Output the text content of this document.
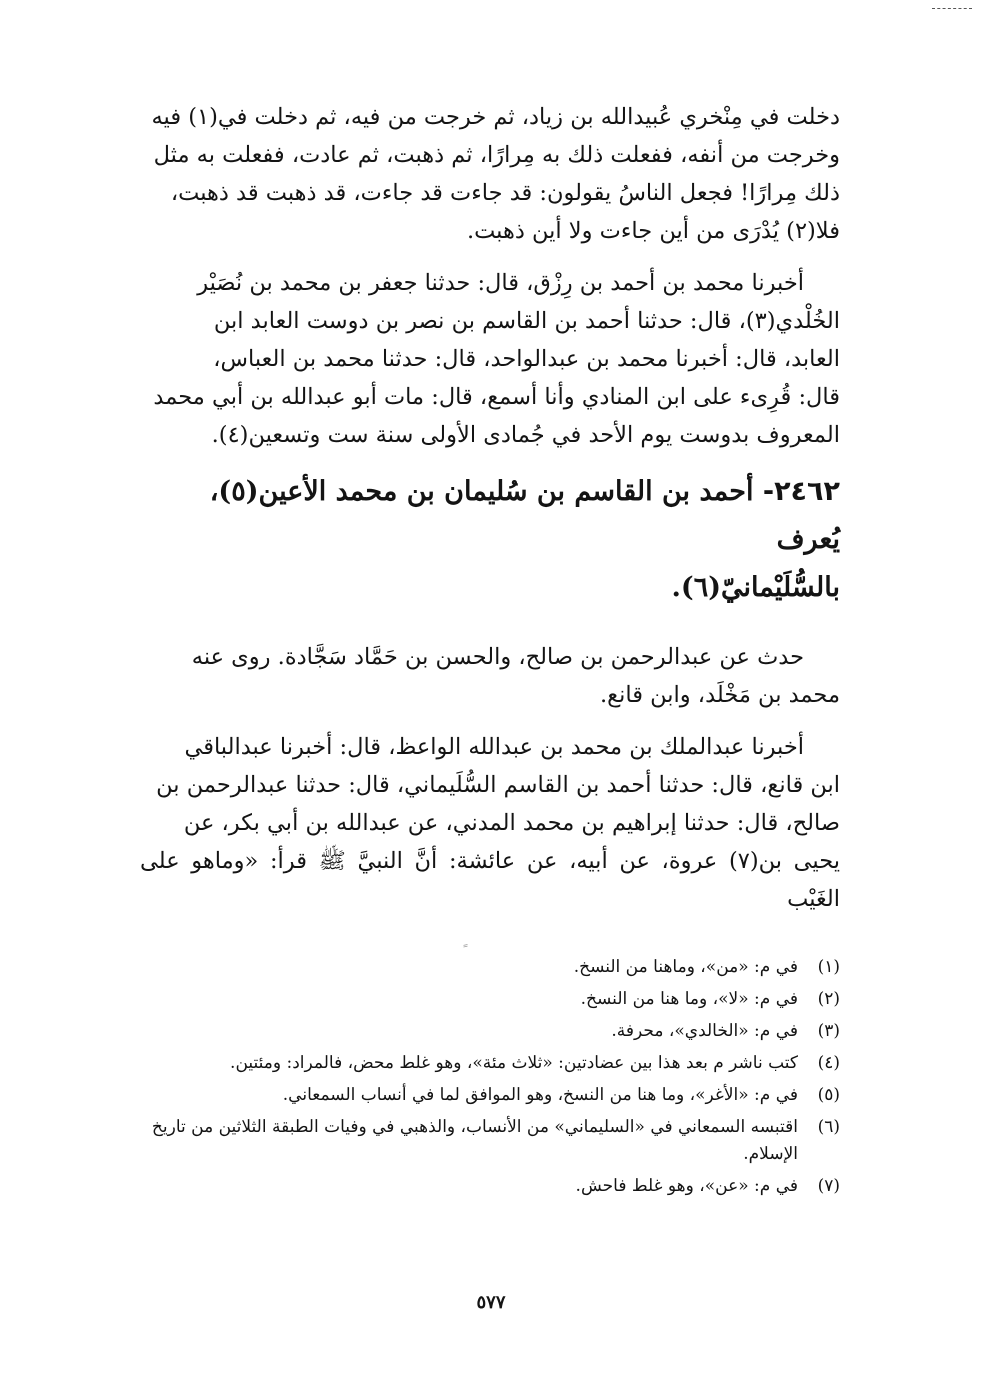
دخلت في مِنْخري عُبيدالله بن زياد، ثم خرجت من فيه، ثم دخلت في(١) فيه

وخرجت من أنفه، ففعلت ذلك به مِرارًا، ثم ذهبت، ثم عادت، ففعلت به مثل

ذلك مِرارًا! فجعل الناسُ يقولون: قد جاءت قد جاءت، قد ذهبت قد ذهبت،

فلا(٢) يُدْرَى من أين جاءت ولا أين ذهبت.

أخبرنا محمد بن أحمد بن رِزْق، قال: حدثنا جعفر بن محمد بن نُصَيْر

الخُلْدي(٣)، قال: حدثنا أحمد بن القاسم بن نصر بن دوست العابد ابن

العابد، قال: أخبرنا محمد بن عبدالواحد، قال: حدثنا محمد بن العباس،

قال: قُرِىء على ابن المنادي وأنا أسمع، قال: مات أبو عبدالله بن أبي محمد

المعروف بدوست يوم الأحد في جُمادى الأولى سنة ست وتسعين(٤).

٢٤٦٢- أحمد بن القاسم بن سُليمان بن محمد الأعين(٥)، يُعرف

بالسُّلَيْمانيّ(٦).

حدث عن عبدالرحمن بن صالح، والحسن بن حَمَّاد سَجَّادة. روى عنه

محمد بن مَخْلَد، وابن قانع.

أخبرنا عبدالملك بن محمد بن عبدالله الواعظ، قال: أخبرنا عبدالباقي

ابن قانع، قال: حدثنا أحمد بن القاسم السُّلَيماني، قال: حدثنا عبدالرحمن بن

صالح، قال: حدثنا إبراهيم بن محمد المدني، عن عبدالله بن أبي بكر، عن

يحيى بن(٧) عروة، عن أبيه، عن عائشة: أنَّ النبيَّ ﷺ قرأ: «وماهو على الغَيْب

(١)
في م: «من»، وماهنا من النسخ.
(٢)
في م: «لا»، وما هنا من النسخ.
(٣)
في م: «الخالدي»، محرفة.
(٤)
كتب ناشر م بعد هذا بين عضادتين: «ثلاث مئة»، وهو غلط محض، فالمراد: ومئتين.
(٥)
في م: «الأغر»، وما هنا من النسخ، وهو الموافق لما في أنساب السمعاني.
(٦)
اقتبسه السمعاني في «السليماني» من الأنساب، والذهبي في وفيات الطبقة الثلاثين من تاريخ الإسلام.
(٧)
في م: «عن»، وهو غلط فاحش.
٥٧٧
